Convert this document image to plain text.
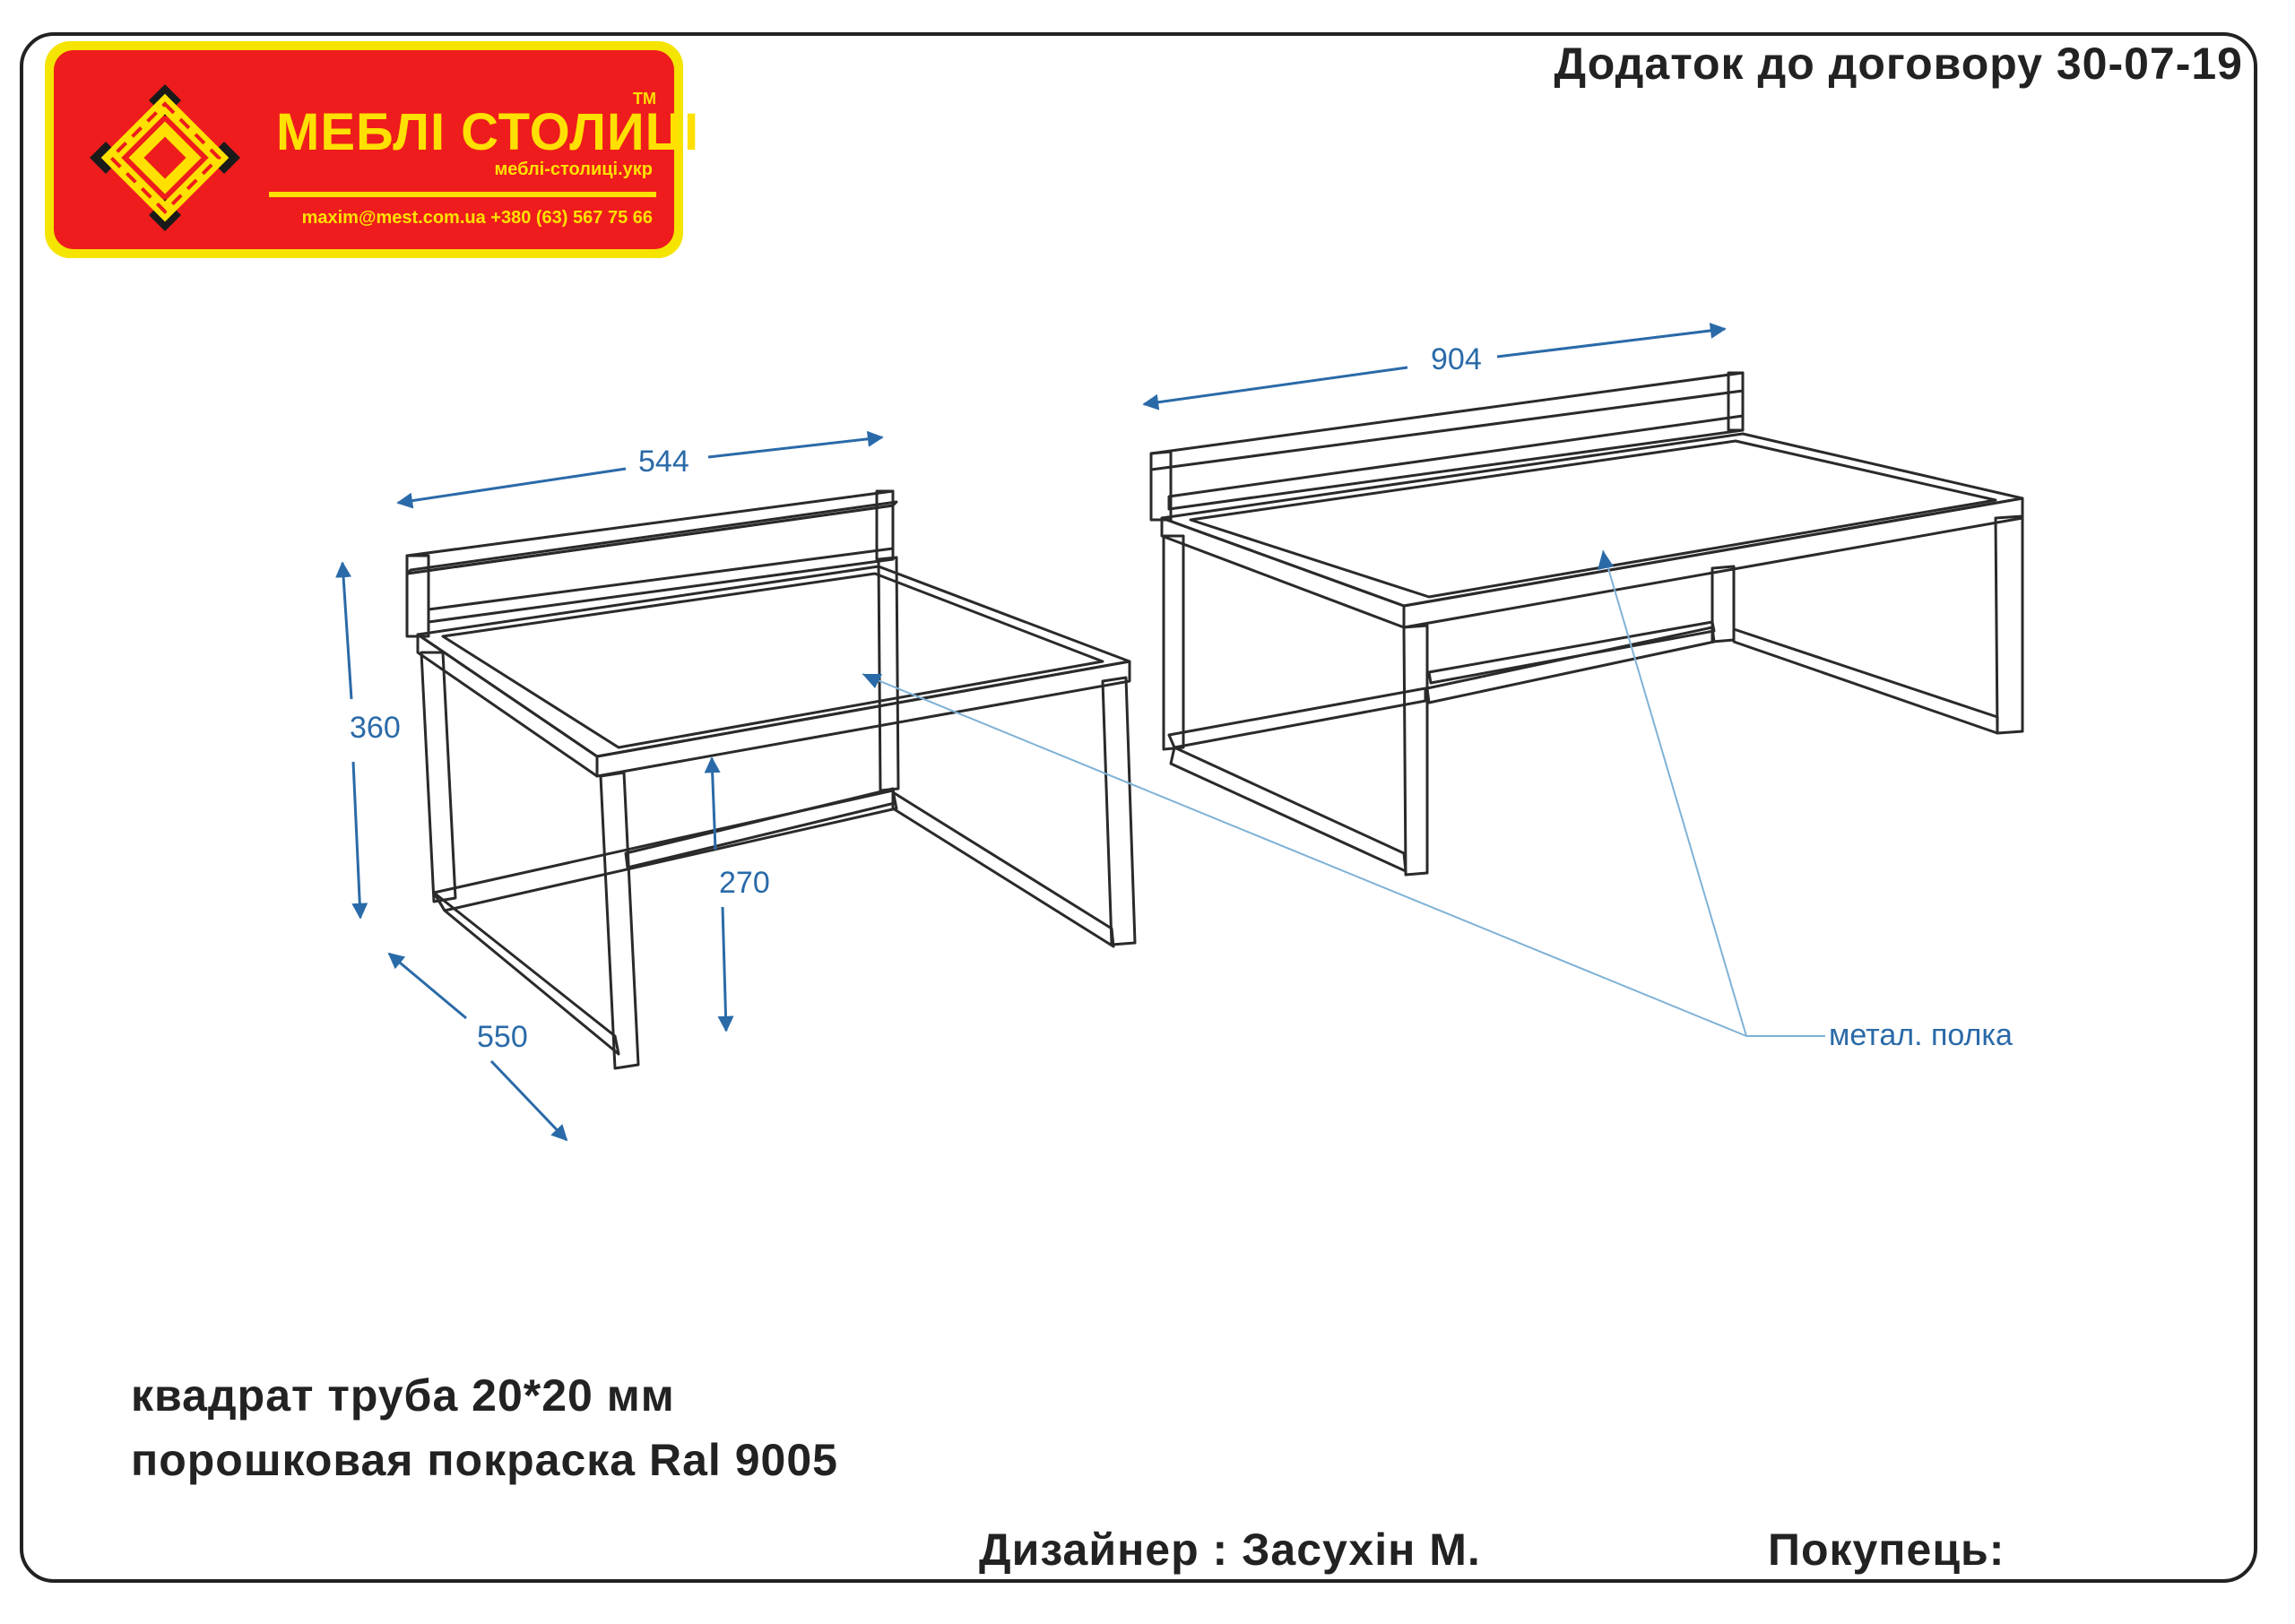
МЕБЛІ СТОЛИЦІ
TM
меблі-столиці.укр
maxim@mest.com.ua +380 (63) 567 75 66
Додаток до договору 30-07-19
544
904
360
550
270
метал. полка
квадрат труба 20*20 мм
порошковая покраска Ral 9005
Дизайнер : Засухін М.	Покупець:
